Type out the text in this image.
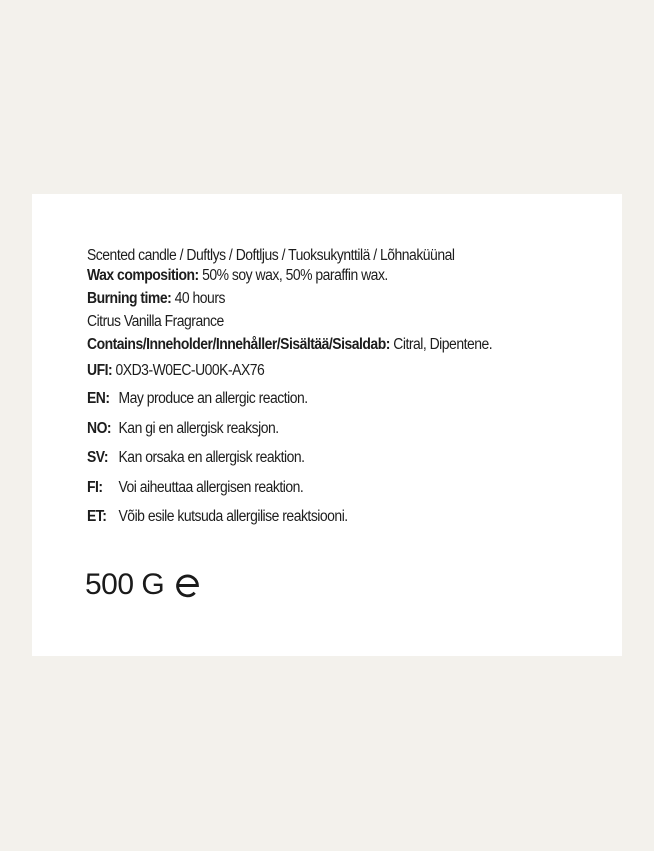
Scented candle / Duftlys / Doftljus / Tuoksukynttilä / Lõhnaküünal
Wax composition: 50% soy wax, 50% paraffin wax.
Burning time: 40 hours
Citrus Vanilla Fragrance
Contains/Inneholder/Innehåller/Sisältää/Sisaldab: Citral, Dipentene.
UFI: 0XD3-W0EC-U00K-AX76
EN: May produce an allergic reaction.
NO: Kan gi en allergisk reaksjon.
SV: Kan orsaka en allergisk reaktion.
FI: Voi aiheuttaa allergisen reaktion.
ET: Võib esile kutsuda allergilise reaktsiooni.
500 G
